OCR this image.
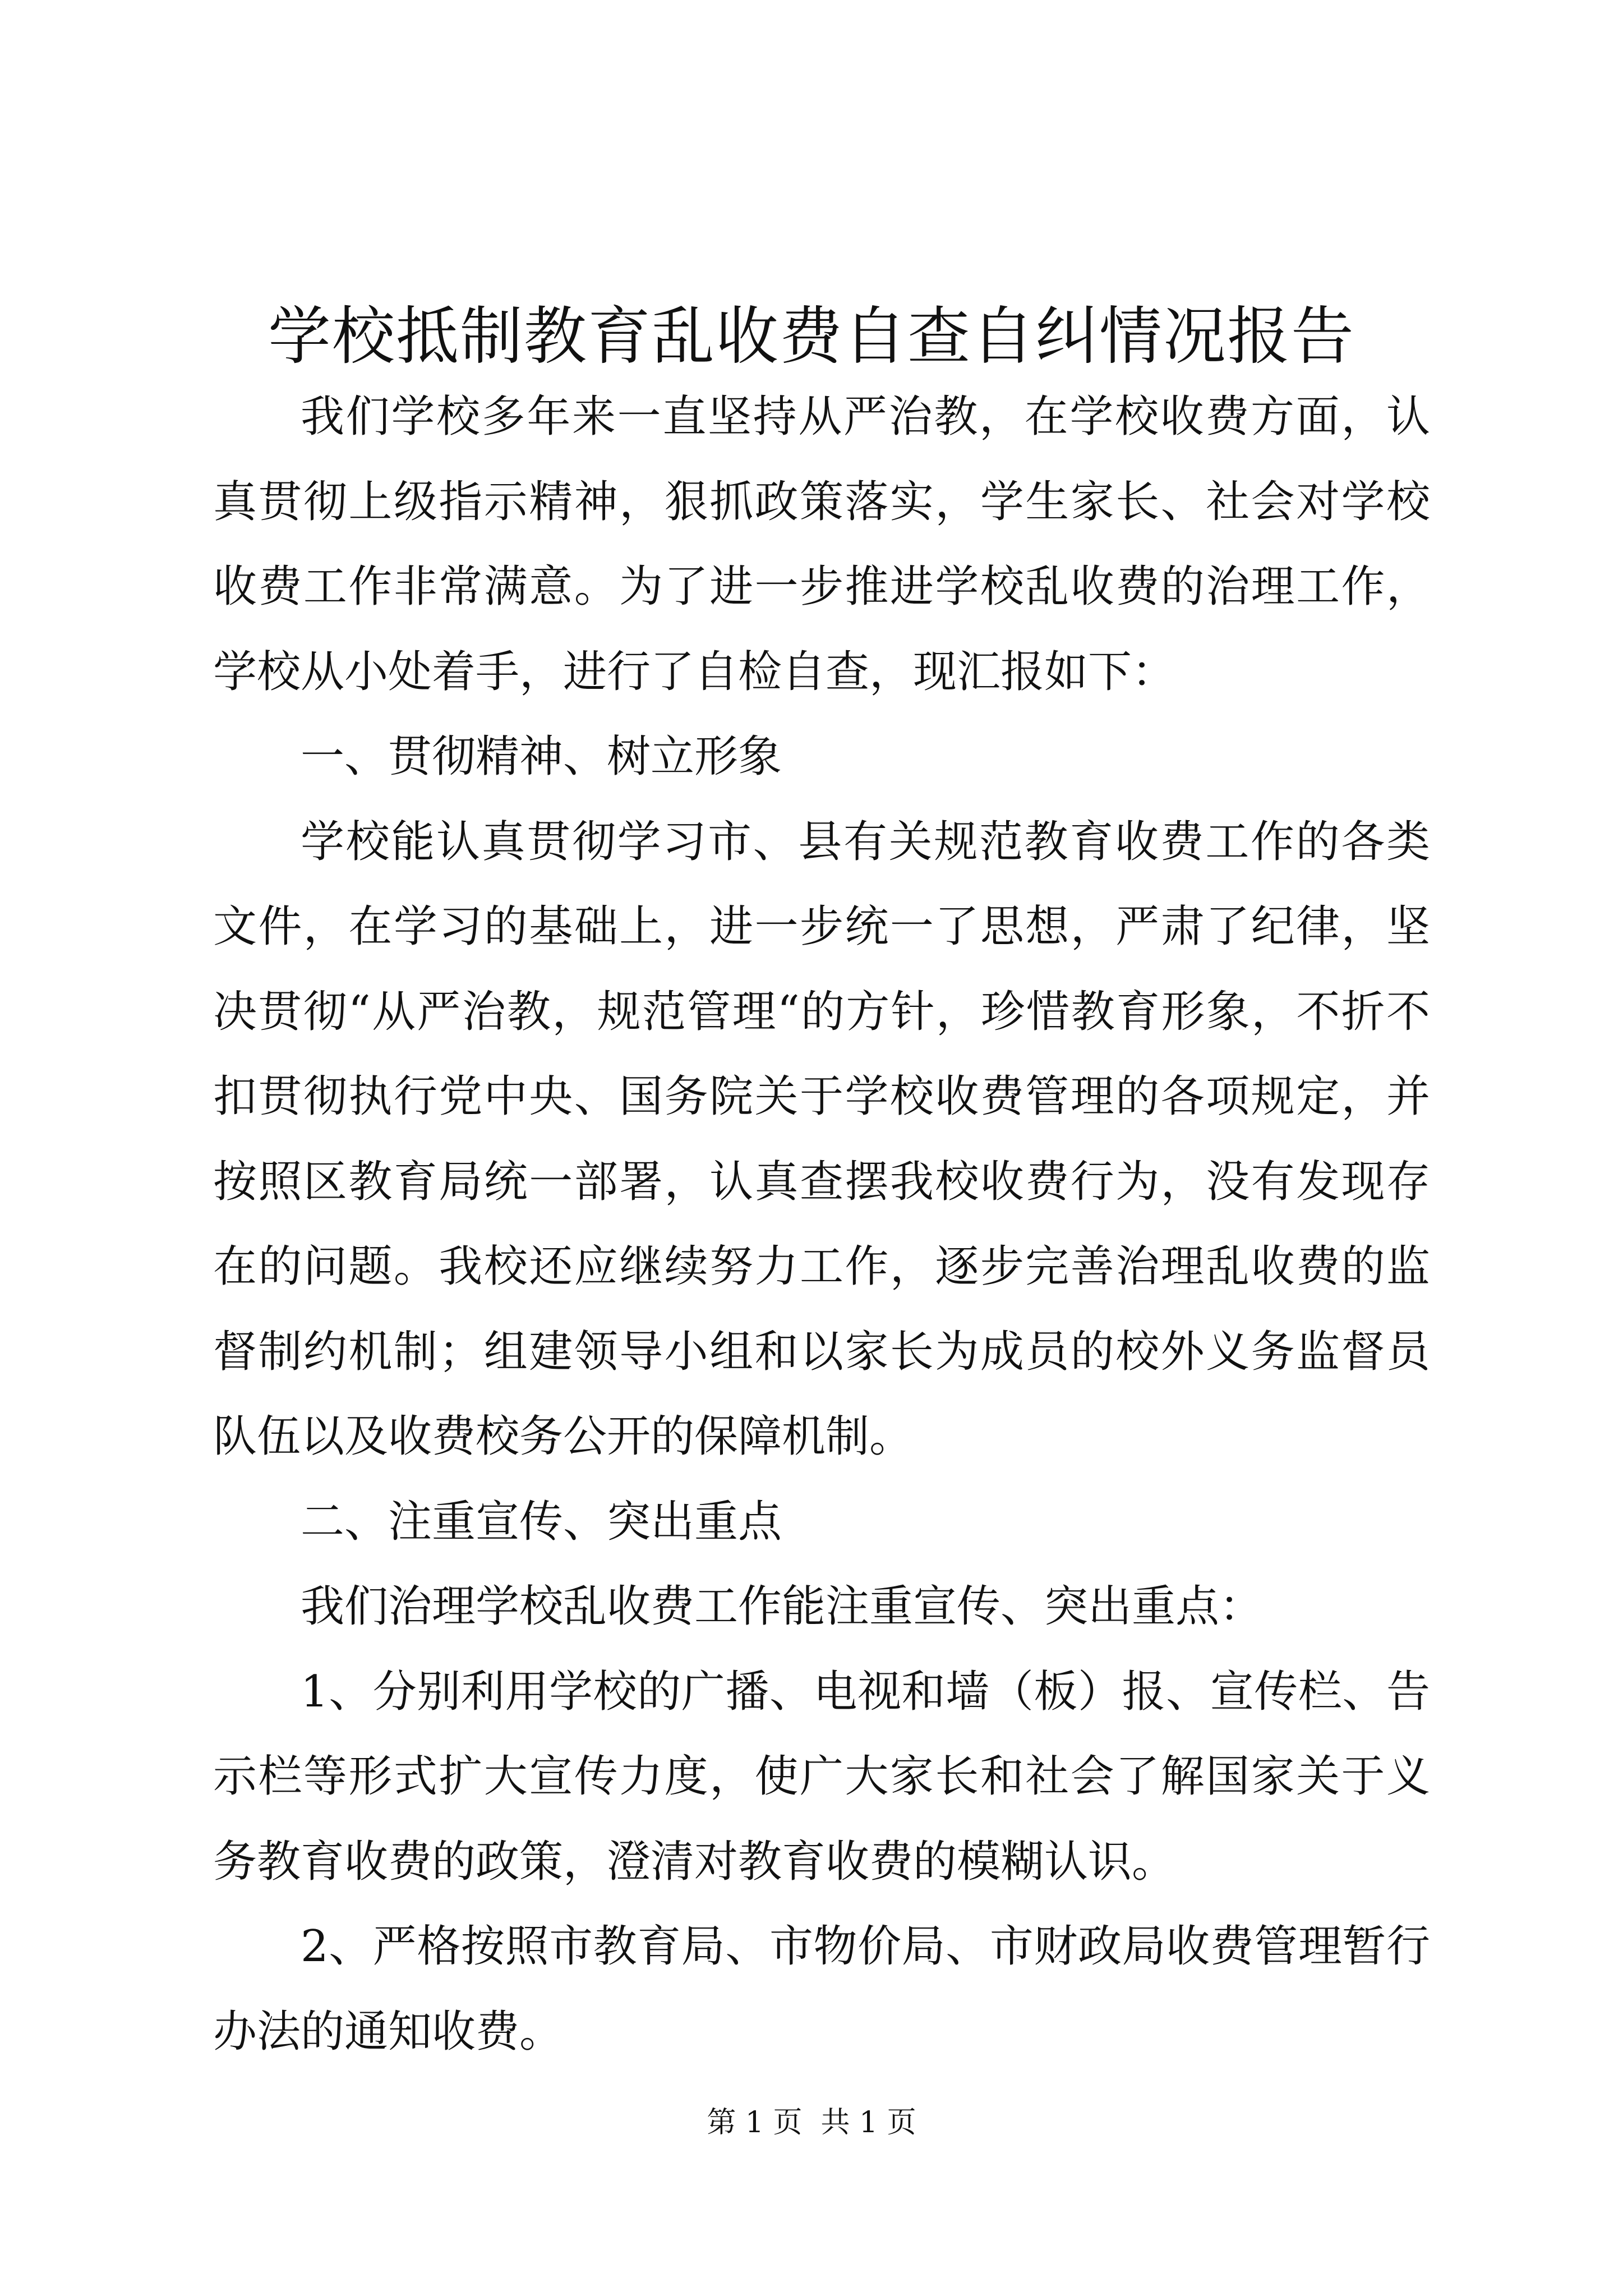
学校抵制教育乱收费自查自纠情况报告

我们学校多年来一直坚持从严治教，在学校收费方面，认真贯彻上级指示精神，狠抓政策落实，学生家长、社会对学校收费工作非常满意。为了进一步推进学校乱收费的治理工作，学校从小处着手，进行了自检自查，现汇报如下：

一、贯彻精神、树立形象

学校能认真贯彻学习市、县有关规范教育收费工作的各类文件，在学习的基础上，进一步统一了思想，严肃了纪律，坚决贯彻“从严治教，规范管理“的方针，珍惜教育形象，不折不扣贯彻执行党中央、国务院关于学校收费管理的各项规定，并按照区教育局统一部署，认真查摆我校收费行为，没有发现存在的问题。我校还应继续努力工作，逐步完善治理乱收费的监督制约机制；组建领导小组和以家长为成员的校外义务监督员队伍以及收费校务公开的保障机制。

二、注重宣传、突出重点

我们治理学校乱收费工作能注重宣传、突出重点：

1、分别利用学校的广播、电视和墙（板）报、宣传栏、告示栏等形式扩大宣传力度，使广大家长和社会了解国家关于义务教育收费的政策，澄清对教育收费的模糊认识。

2、严格按照市教育局、市物价局、市财政局收费管理暂行办法的通知收费。

第 1 页  共 1 页
